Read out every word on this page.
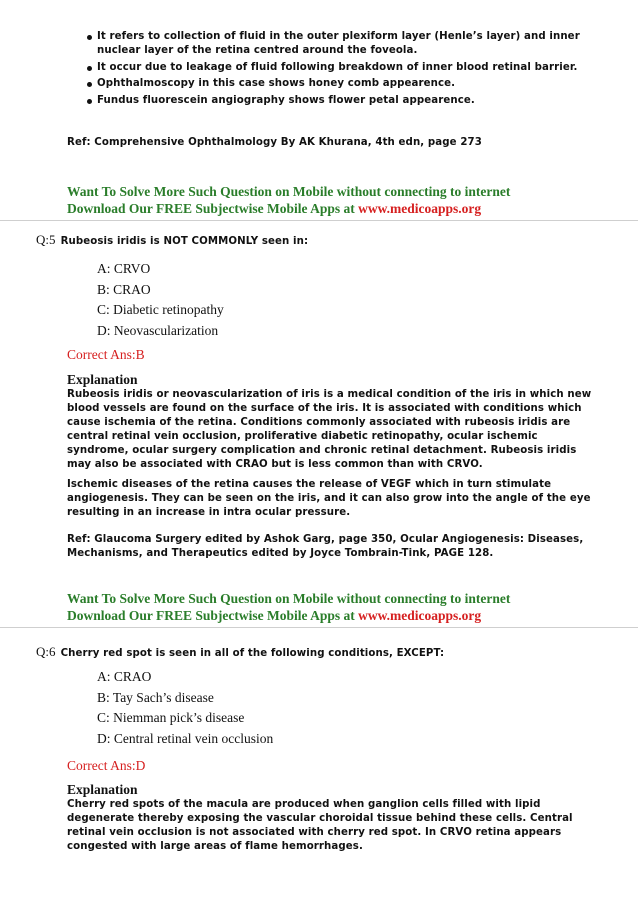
It refers to collection of fluid in the outer plexiform layer (Henle’s layer) and inner nuclear layer of the retina centred around the foveola.
It occur due to leakage of fluid following breakdown of inner blood retinal barrier.
Ophthalmoscopy in this case shows honey comb appearence.
Fundus fluorescein angiography shows flower petal appearence.
Ref: Comprehensive Ophthalmology By AK Khurana, 4th edn, page 273
Want To Solve More Such Question on Mobile without connecting to internet
Download Our FREE Subjectwise Mobile Apps at www.medicoapps.org
Q:5 Rubeosis iridis is NOT COMMONLY seen in:
A: CRVO
B: CRAO
C: Diabetic retinopathy
D: Neovascularization
Correct Ans:B
Explanation

Rubeosis iridis or neovascularization of iris is a medical condition of the iris in which new blood vessels are found on the surface of the iris. It is associated with conditions which cause ischemia of the retina. Conditions commonly associated with rubeosis iridis are central retinal vein occlusion, proliferative diabetic retinopathy, ocular ischemic syndrome, ocular surgery complication and chronic retinal detachment. Rubeosis iridis may also be associated with CRAO but is less common than with CRVO.

Ischemic diseases of the retina causes the release of VEGF which in turn stimulate angiogenesis. They can be seen on the iris, and it can also grow into the angle of the eye resulting in an increase in intra ocular pressure.

Ref: Glaucoma Surgery edited by Ashok Garg, page 350, Ocular Angiogenesis: Diseases, Mechanisms, and Therapeutics edited by Joyce Tombrain-Tink, PAGE 128.

Want To Solve More Such Question on Mobile without connecting to internet
Download Our FREE Subjectwise Mobile Apps at www.medicoapps.org
Q:6 Cherry red spot is seen in all of the following conditions, EXCEPT:
A: CRAO
B: Tay Sach’s disease
C: Niemman pick’s disease
D: Central retinal vein occlusion
Correct Ans:D
Explanation

Cherry red spots of the macula are produced when ganglion cells filled with lipid degenerate thereby exposing the vascular choroidal tissue behind these cells. Central retinal vein occlusion is not associated with cherry red spot. In CRVO retina appears congested with large areas of flame hemorrhages.
